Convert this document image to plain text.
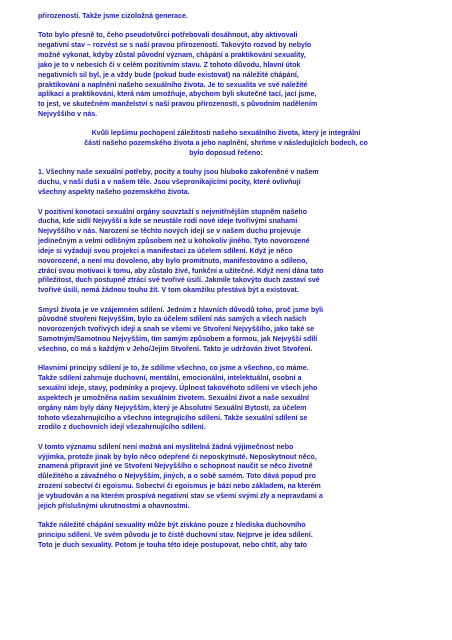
přirozenosti. Takže jsme cizoložná generace.

Toto bylo přesně to, čeho pseudotvůrci potřebovali dosáhnout, aby aktivovali
negativní stav – rozvést se s naší pravou přirozeností. Takovýto rozvod by nebylo
možné vykonat, kdyby zůstal původní význam, chápání a praktikování sexuality,
jako je to v nebesích či v celém pozitivním stavu. Z tohoto důvodu, hlavní útok
negativních sil byl, je a vždy bude (pokud bude existovat) na náležité chápání,
praktikování a naplnění našeho sexuálního života. Je to sexualita ve své náležité
aplikaci a praktikování, která nám umožňuje, abychom byli skutečné tací, jací jsme,
to jest, ve skutečném manželství s naší pravou přirozeností, s původním nadělením
Nejvyššího v nás.

Kvůli lepšímu pochopení záležitosti našeho sexuálního života, který je integrální
částí našeho pozemského života a jeho naplnění, shrňme v následujících bodech, co
bylo doposud řečeno:

1. Všechny naše sexuální potřeby, pocity a touhy jsou hluboko zakořeněné v našem
duchu, v naší duši a v našem těle. Jsou všepronikajícími pocity, které ovlivňují
všechny aspekty našeho pozemského života.

V pozitivní konotaci sexuální orgány souvztaží s nejvnitřnějším stupněm našeho
ducha, kde sídlí Nejvyšší a kde se neustále rodí nové ideje tvořivými snahami
Nejvyššího v nás. Narození se těchto nových idejí se v našem duchu projevuje
jedinečným a velmi odlišným způsobem než u kohokoliv jiného. Tyto novorozené
ideje si vyžadují svou projekci a manifestaci za účelem sdílení. Když je něco
novorozené, a není mu dovoleno, aby bylo promítnuto, manifestováno a sdíleno,
ztrácí svou motivaci k tomu, aby zůstalo živé, funkční a užitečné. Když není dána tato
příležitost, duch postupně ztrácí své tvořivé úsilí. Jakmile takovýto duch zastaví své
tvořivé úsilí, nemá žádnou touhu žít. V tom okamžiku přestává být a existovat.

Smysl života je ve vzájemném sdílení. Jedním z hlavních důvodů toho, proč jsme byli
původně stvořeni Nejvyšším, bylo za účelem sdílení nás samých a všech našich
novorozených tvořivých idejí a snah se všemi ve Stvoření Nejvyššího, jako také se
Samotným/Samotnou Nejvyšším, tím samým způsobem a formou, jak Nejvyšší sdílí
všechno, co má s každým v Jeho/Jejím Stvoření. Takto je udržován život Stvoření.

Hlavními principy sdílení je to, že sdílíme všechno, co jsme a všechno, co máme.
Takže sdílení zahrnuje duchovní, mentální, emocionální, intelektuální, osobní a
sexuální ideje, stavy, podmínky a projevy. Úplnost takovéhoto sdílení ve všech jeho
aspektech je umožněna naším sexuálním životem. Sexuální život a naše sexuální
orgány nám byly dány Nejvyšším, který je Absolutní Sexuální Bytostí, za účelem
tohoto všezahrnujícího a všechno integrujícího sdílení. Takže sexuální sdílení se
zrodilo z duchovních idejí všezahrnujícího sdílení.

V tomto významu sdílení není možná ani myslitelná žádná výjimečnost nebo
výjimka, protože jinak by bylo něco odepřené či neposkytnuté. Neposkytnout něco,
znamená připravit jiné ve Stvoření Nejvyššího o schopnost naučit se něco životně
důležitého a závažného o Nejvyšším, jiných, a o sobě samém. Toto dává popud pro
zrození sobectví či egoismu. Sobectví či egoismus je bází nebo základem, na kterém
je vybudován a na kterém prospívá negativní stav se všemi svými zly a nepravdami a
jejich příslušnými ukrutnostmi a ohavnostmi.

Takže náležité chápání sexuality může být získáno pouze z hlediska duchovního
principu sdílení. Ve svém původu je to čistě duchovní stav. Nejprve je idea sdílení.
Toto je duch sexuality. Potom je touha této ideje postupovat, nebo chtít, aby tato
